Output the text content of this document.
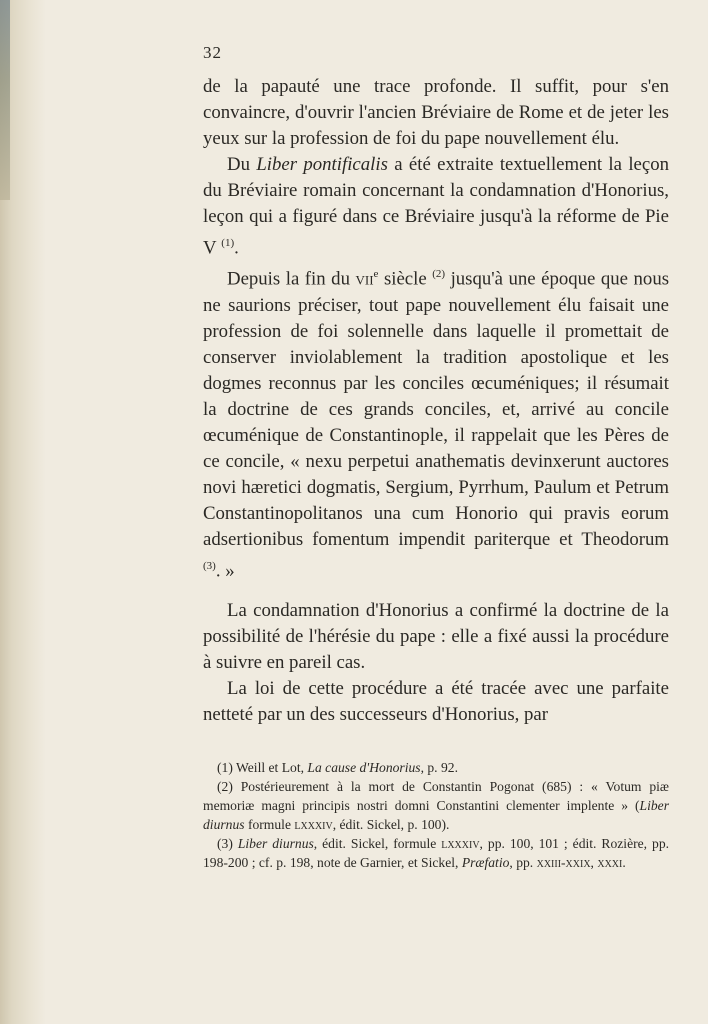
32

de la papauté une trace profonde. Il suffit, pour s'en convaincre, d'ouvrir l'ancien Bréviaire de Rome et de jeter les yeux sur la profession de foi du pape nouvellement élu.

Du Liber pontificalis a été extraite textuellement la leçon du Bréviaire romain concernant la condamnation d'Honorius, leçon qui a figuré dans ce Bréviaire jusqu'à la réforme de Pie V $^{(1)}$.

Depuis la fin du vii$^e$ siècle $^{(2)}$ jusqu'à une époque que nous ne saurions préciser, tout pape nouvellement élu faisait une profession de foi solennelle dans laquelle il promettait de conserver inviolablement la tradition apostolique et les dogmes reconnus par les conciles œcuméniques; il résumait la doctrine de ces grands conciles, et, arrivé au concile œcuménique de Constantinople, il rappelait que les Pères de ce concile, « nexu perpetui anathematis devinxerunt auctores novi hæretici dogmatis, Sergium, Pyrrhum, Paulum et Petrum Constantinopolitanos una cum Honorio qui pravis eorum adsertionibus fomentum impendit pariterque et Theodorum $^{(3)}$. »

La condamnation d'Honorius a confirmé la doctrine de la possibilité de l'hérésie du pape : elle a fixé aussi la procédure à suivre en pareil cas.

La loi de cette procédure a été tracée avec une parfaite netteté par un des successeurs d'Honorius, par

(1) Weill et Lot, La cause d'Honorius, p. 92.

(2) Postérieurement à la mort de Constantin Pogonat (685) : « Votum piæ memoriæ magni principis nostri domni Constantini clementer implente » (Liber diurnus formule lxxxiv, édit. Sickel, p. 100).

(3) Liber diurnus, édit. Sickel, formule lxxxiv, pp. 100, 101 ; édit. Rozière, pp. 198-200 ; cf. p. 198, note de Garnier, et Sickel, Præfatio, pp. xxiii-xxix, xxxi.
